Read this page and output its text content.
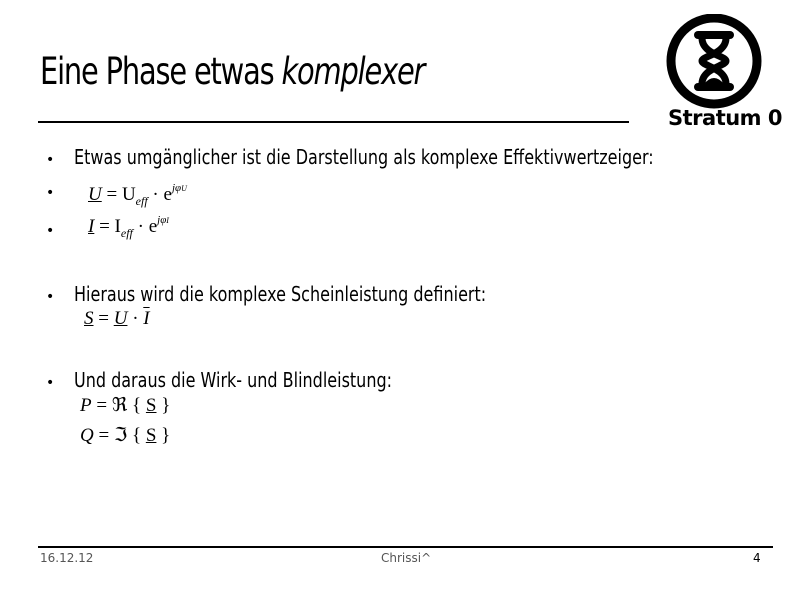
Eine Phase etwas komplexer
Stratum 0
• Etwas umgänglicher ist die Darstellung als komplexe Effektivwertzeiger:
• $U = U_{eff} \cdot e^{j\varphi U}$
• $I = I_{eff} \cdot e^{j\varphi I}$
• Hieraus wird die komplexe Scheinleistung definiert:
$S = U \cdot \overline{I}$
• Und daraus die Wirk- und Blindleistung:
P = ℜ { S }
Q = ℑ { S }
16.12.12	Chrissi^	4
